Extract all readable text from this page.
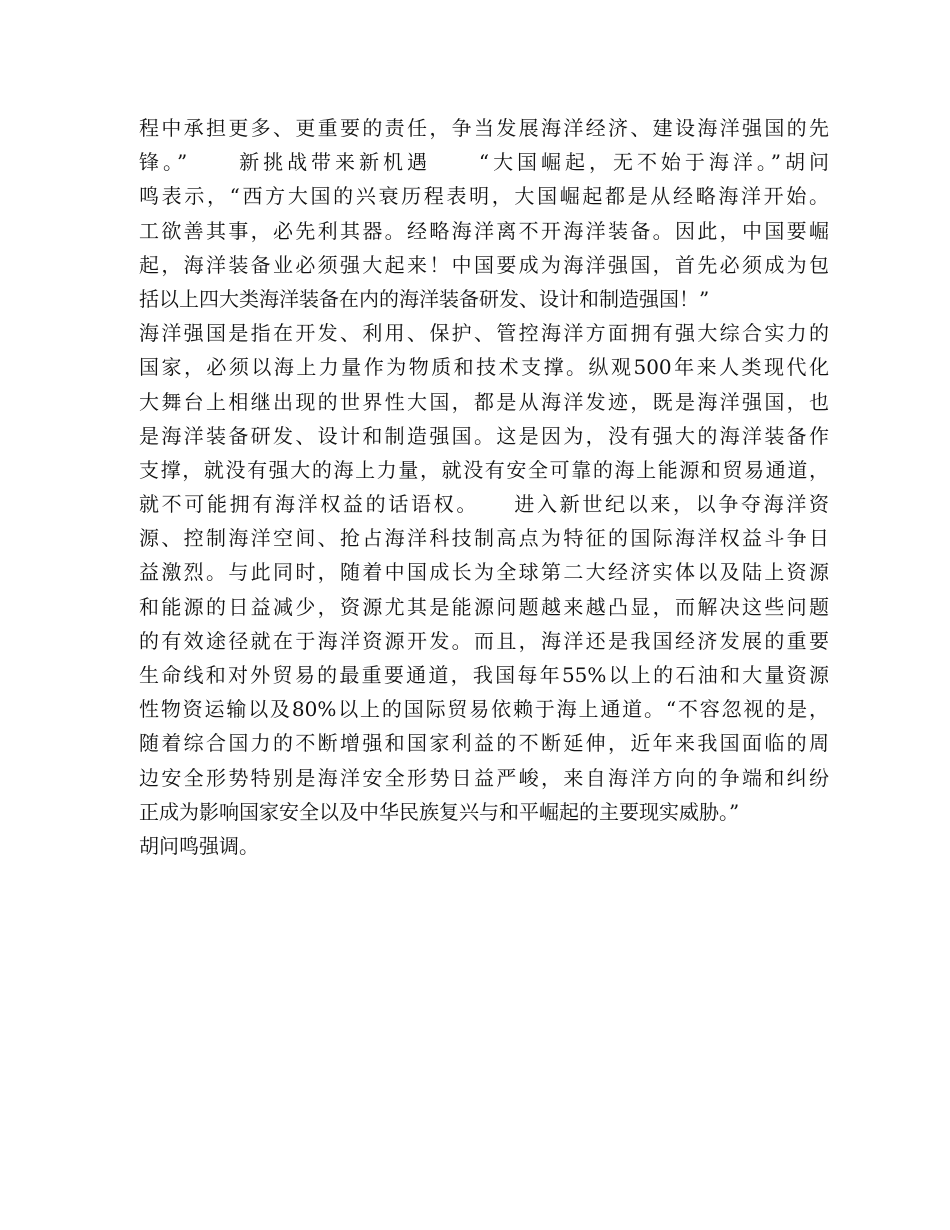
程中承担更多、更重要的责任，争当发展海洋经济、建设海洋强国的先
锋。”　　新挑战带来新机遇　　“大国崛起，无不始于海洋。”胡问
鸣表示，“西方大国的兴衰历程表明，大国崛起都是从经略海洋开始。
工欲善其事，必先利其器。经略海洋离不开海洋装备。因此，中国要崛
起，海洋装备业必须强大起来！中国要成为海洋强国，首先必须成为包
括以上四大类海洋装备在内的海洋装备研发、设计和制造强国！”
海洋强国是指在开发、利用、保护、管控海洋方面拥有强大综合实力的
国家，必须以海上力量作为物质和技术支撑。纵观500年来人类现代化
大舞台上相继出现的世界性大国，都是从海洋发迹，既是海洋强国，也
是海洋装备研发、设计和制造强国。这是因为，没有强大的海洋装备作
支撑，就没有强大的海上力量，就没有安全可靠的海上能源和贸易通道，
就不可能拥有海洋权益的话语权。　　进入新世纪以来，以争夺海洋资
源、控制海洋空间、抢占海洋科技制高点为特征的国际海洋权益斗争日
益激烈。与此同时，随着中国成长为全球第二大经济实体以及陆上资源
和能源的日益减少，资源尤其是能源问题越来越凸显，而解决这些问题
的有效途径就在于海洋资源开发。而且，海洋还是我国经济发展的重要
生命线和对外贸易的最重要通道，我国每年55%以上的石油和大量资源
性物资运输以及80%以上的国际贸易依赖于海上通道。“不容忽视的是，
随着综合国力的不断增强和国家利益的不断延伸，近年来我国面临的周
边安全形势特别是海洋安全形势日益严峻，来自海洋方向的争端和纠纷
正成为影响国家安全以及中华民族复兴与和平崛起的主要现实威胁。”
胡问鸣强调。
